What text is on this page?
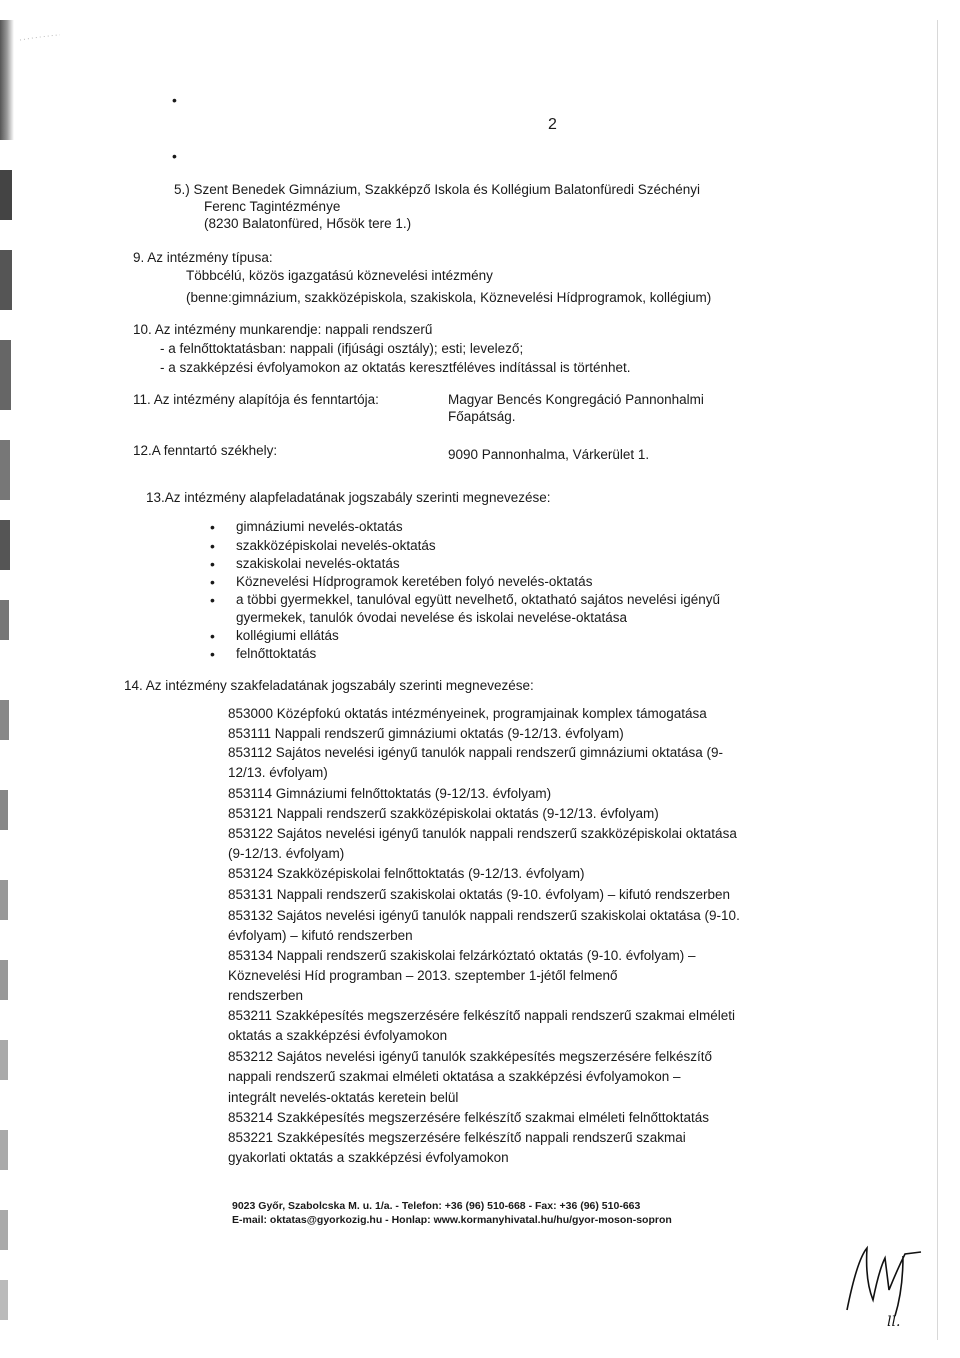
•
2
•
5.) Szent Benedek Gimnázium, Szakképző Iskola és Kollégium Balatonfüredi Széchényi
Ferenc Tagintézménye
(8230 Balatonfüred, Hősök tere 1.)
9. Az intézmény típusa:
Többcélú, közös igazgatású köznevelési intézmény
(benne:gimnázium, szakközépiskola, szakiskola, Köznevelési Hídprogramok, kollégium)
10. Az intézmény munkarendje: nappali rendszerű
- a felnőttoktatásban: nappali (ifjúsági osztály); esti; levelező;
- a szakképzési évfolyamokon az oktatás keresztféléves indítással is történhet.
11. Az intézmény alapítója és fenntartója:	Magyar Bencés Kongregáció Pannonhalmi
Főapátság.
12.A fenntartó székhely:	9090 Pannonhalma, Várkerület 1.
13.Az intézmény alapfeladatának jogszabály szerinti megnevezése:
• gimnáziumi nevelés-oktatás
• szakközépiskolai nevelés-oktatás
• szakiskolai nevelés-oktatás
• Köznevelési Hídprogramok keretében folyó nevelés-oktatás
• a többi gyermekkel, tanulóval együtt nevelhető, oktatható sajátos nevelési igényű
gyermekek, tanulók óvodai nevelése és iskolai nevelése-oktatása
• kollégiumi ellátás
• felnőttoktatás
14. Az intézmény szakfeladatának jogszabály szerinti megnevezése:
853000 Középfokú oktatás intézményeinek, programjainak komplex támogatása
853111 Nappali rendszerű gimnáziumi oktatás (9-12/13. évfolyam)
853112 Sajátos nevelési igényű tanulók nappali rendszerű gimnáziumi oktatása (9-
12/13. évfolyam)
853114 Gimnáziumi felnőttoktatás (9-12/13. évfolyam)
853121 Nappali rendszerű szakközépiskolai oktatás (9-12/13. évfolyam)
853122 Sajátos nevelési igényű tanulók nappali rendszerű szakközépiskolai oktatása
(9-12/13. évfolyam)
853124 Szakközépiskolai felnőttoktatás (9-12/13. évfolyam)
853131 Nappali rendszerű szakiskolai oktatás (9-10. évfolyam) – kifutó rendszerben
853132 Sajátos nevelési igényű tanulók nappali rendszerű szakiskolai oktatása (9-10.
évfolyam) – kifutó rendszerben
853134 Nappali rendszerű szakiskolai felzárkóztató oktatás (9-10. évfolyam) –
Köznevelési Híd programban – 2013. szeptember 1-jétől felmenő
rendszerben
853211 Szakképesítés megszerzésére felkészítő nappali rendszerű szakmai elméleti
oktatás a szakképzési évfolyamokon
853212 Sajátos nevelési igényű tanulók szakképesítés megszerzésére felkészítő
nappali rendszerű szakmai elméleti oktatása a szakképzési évfolyamokon –
integrált nevelés-oktatás keretein belül
853214 Szakképesítés megszerzésére felkészítő szakmai elméleti felnőttoktatás
853221 Szakképesítés megszerzésére felkészítő nappali rendszerű szakmai
gyakorlati oktatás a szakképzési évfolyamokon
9023 Győr, Szabolcska M. u. 1/a. - Telefon: +36 (96) 510-668 - Fax: +36 (96) 510-663
E-mail: oktatas@gyorkozig.hu - Honlap: www.kormanyhivatal.hu/hu/gyor-moson-sopron
ll.
